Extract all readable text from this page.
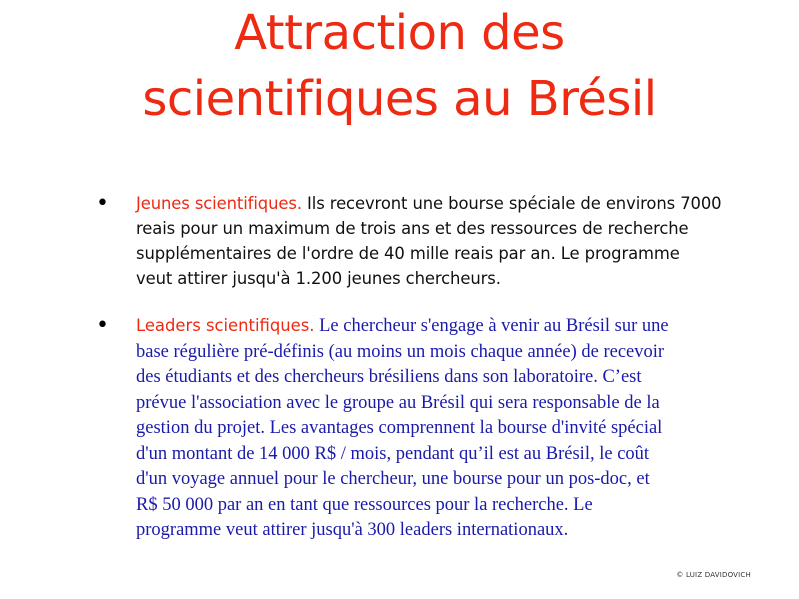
Attraction des
scientifiques au Brésil
•	Jeunes scientifiques. Ils recevront une bourse spéciale de environs 7000
reais pour un maximum de trois ans et des ressources de recherche
supplémentaires de l'ordre de 40 mille reais par an. Le programme
veut attirer jusqu'à 1.200 jeunes chercheurs.
•	Leaders scientifiques. Le chercheur s'engage à venir au Brésil sur une
base régulière pré-définis (au moins un mois chaque année) de recevoir
des étudiants et des chercheurs brésiliens dans son laboratoire. C’est
prévue l'association avec le groupe au Brésil qui sera responsable de la
gestion du projet. Les avantages comprennent la bourse d'invité spécial
d'un montant de 14 000 R$ / mois, pendant qu’il est au Brésil, le coût
d'un voyage annuel pour le chercheur, une bourse pour un pos-doc, et
R$ 50 000 par an en tant que ressources pour la recherche. Le
programme veut attirer jusqu'à 300 leaders internationaux.
© LUIZ DAVIDOVICH
